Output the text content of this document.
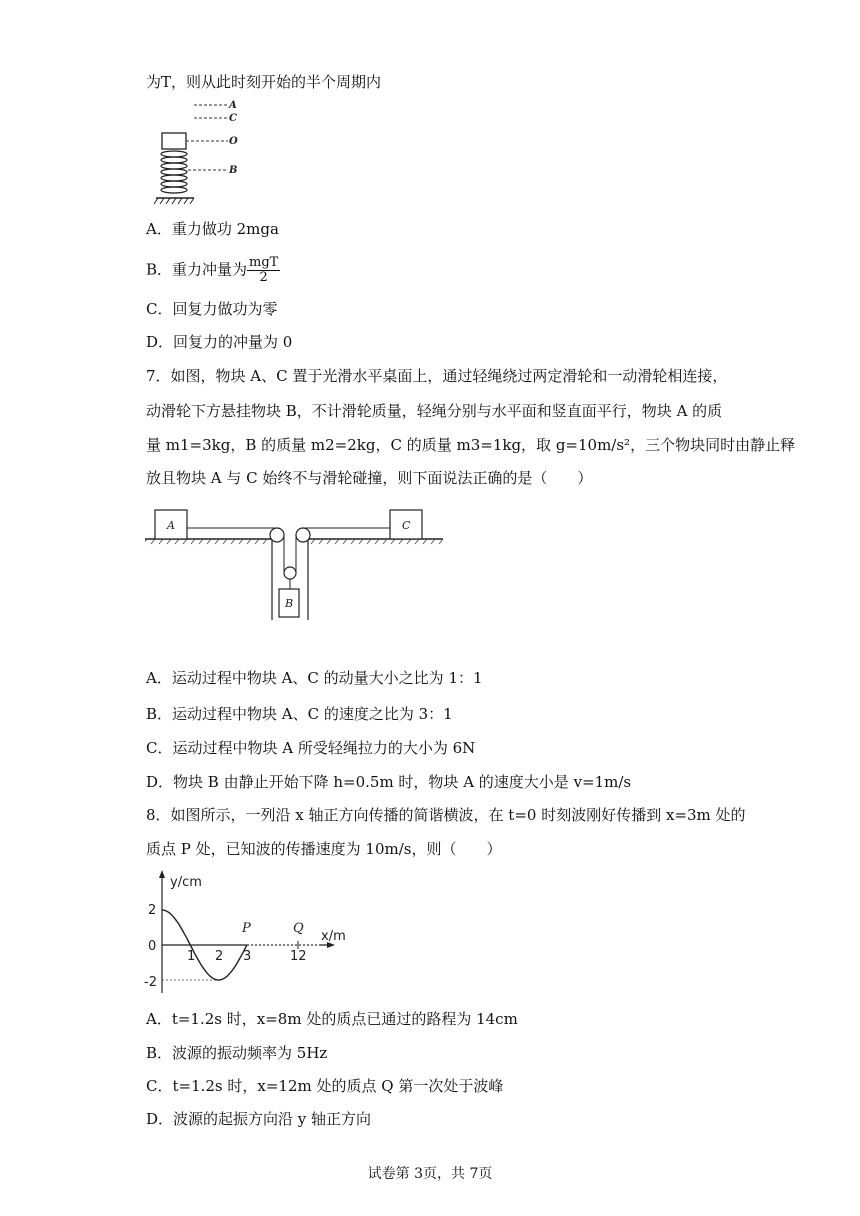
为T，则从此时刻开始的半个周期内
A
C
O
B
A．重力做功 2mga
B．重力冲量为 $\frac{\text{mgT}}{2}$
C．回复力做功为零
D．回复力的冲量为 0
7．如图，物块 A、C 置于光滑水平桌面上，通过轻绳绕过两定滑轮和一动滑轮相连接，
动滑轮下方悬挂物块 B，不计滑轮质量，轻绳分别与水平面和竖直面平行，物块 A 的质
量 m1=3kg，B 的质量 m2=2kg，C 的质量 m3=1kg，取 g=10m/s²，三个物块同时由静止释
放且物块 A 与 C 始终不与滑轮碰撞，则下面说法正确的是（　　）
A	C
B
A．运动过程中物块 A、C 的动量大小之比为 1：1
B．运动过程中物块 A、C 的速度之比为 3：1
C．运动过程中物块 A 所受轻绳拉力的大小为 6N
D．物块 B 由静止开始下降 h=0.5m 时，物块 A 的速度大小是 v=1m/s
8．如图所示，一列沿 x 轴正方向传播的简谐横波，在 t=0 时刻波刚好传播到 x=3m 处的
质点 P 处，已知波的传播速度为 10m/s，则（　　）
y/cm
x/m
2
0
-2
1 2 3	12
P	Q
A．t=1.2s 时，x=8m 处的质点已通过的路程为 14cm
B．波源的振动频率为 5Hz
C．t=1.2s 时，x=12m 处的质点 Q 第一次处于波峰
D．波源的起振方向沿 y 轴正方向
试卷第 3页，共 7页
